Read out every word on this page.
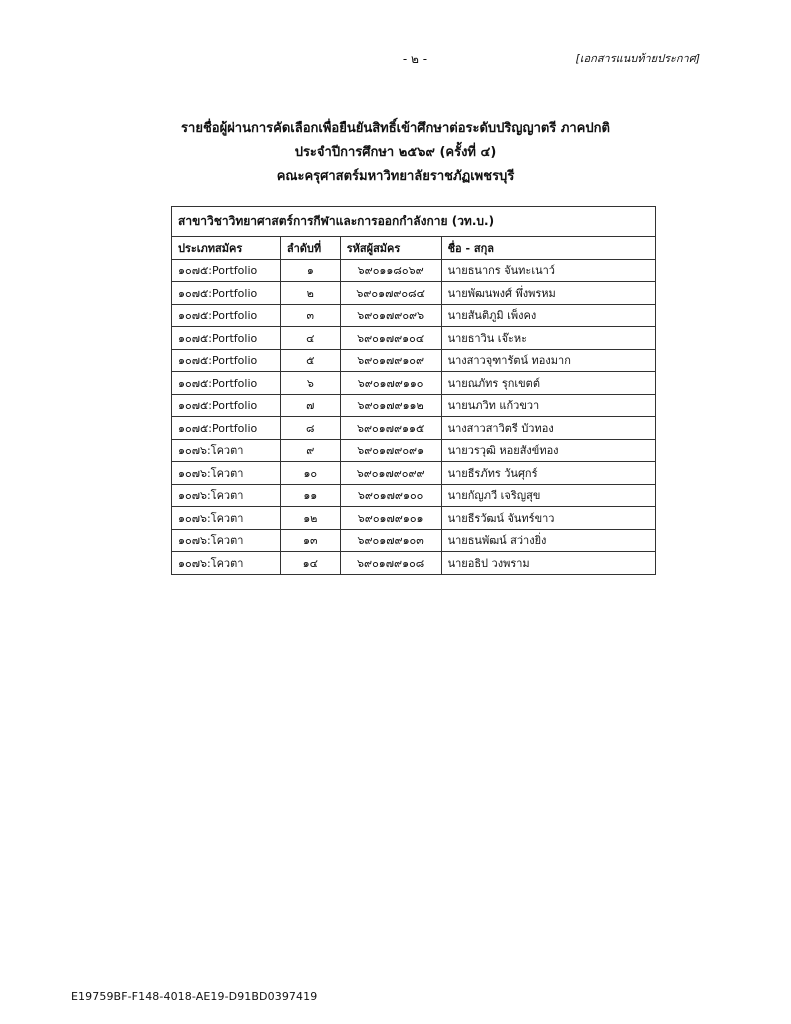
- ๒ -	[เอกสารแนบท้ายประกาศ]
รายชื่อผู้ผ่านการคัดเลือกเพื่อยืนยันสิทธิ์เข้าศึกษาต่อระดับปริญญาตรี ภาคปกติ
ประจำปีการศึกษา ๒๕๖๙ (ครั้งที่ ๔)
คณะครุศาสตร์มหาวิทยาลัยราชภัฏเพชรบุรี
สาขาวิชาวิทยาศาสตร์การกีฬาและการออกกำลังกาย (วท.บ.)			
ประเภทสมัคร	ลำดับที่	รหัสผู้สมัคร	ชื่อ - สกุล
๑๐๗๕:Portfolio	๑	๖๙๐๑๑๘๐๖๙	นายธนากร จันทะเนาว์
๑๐๗๕:Portfolio	๒	๖๙๐๑๗๙๐๘๔	นายพัฒนพงศ์ พึ่งพรหม
๑๐๗๕:Portfolio	๓	๖๙๐๑๗๙๐๙๖	นายสันติภูมิ เพ็งคง
๑๐๗๕:Portfolio	๔	๖๙๐๑๗๙๑๐๔	นายธาวิน เจ๊ะหะ
๑๐๗๕:Portfolio	๕	๖๙๐๑๗๙๑๐๙	นางสาวจุฑารัตน์ ทองมาก
๑๐๗๕:Portfolio	๖	๖๙๐๑๗๙๑๑๐	นายณภัทร รุกเขตต์
๑๐๗๕:Portfolio	๗	๖๙๐๑๗๙๑๑๒	นายนภวิท แก้วขวา
๑๐๗๕:Portfolio	๘	๖๙๐๑๗๙๑๑๕	นางสาวสาวิตรี บัวทอง
๑๐๗๖:โควตา	๙	๖๙๐๑๗๙๐๙๑	นายวรวุฒิ หอยสังข์ทอง
๑๐๗๖:โควตา	๑๐	๖๙๐๑๗๙๐๙๙	นายธีรภัทร วันศุกร์
๑๐๗๖:โควตา	๑๑	๖๙๐๑๗๙๑๐๐	นายกัญภวี เจริญสุข
๑๐๗๖:โควตา	๑๒	๖๙๐๑๗๙๑๐๑	นายธีรวัฒน์ จันทร์ขาว
๑๐๗๖:โควตา	๑๓	๖๙๐๑๗๙๑๐๓	นายธนพัฒน์ สว่างยิ่ง
๑๐๗๖:โควตา	๑๔	๖๙๐๑๗๙๑๐๘	นายอธิป วงพราม
E19759BF-F148-4018-AE19-D91BD0397419
